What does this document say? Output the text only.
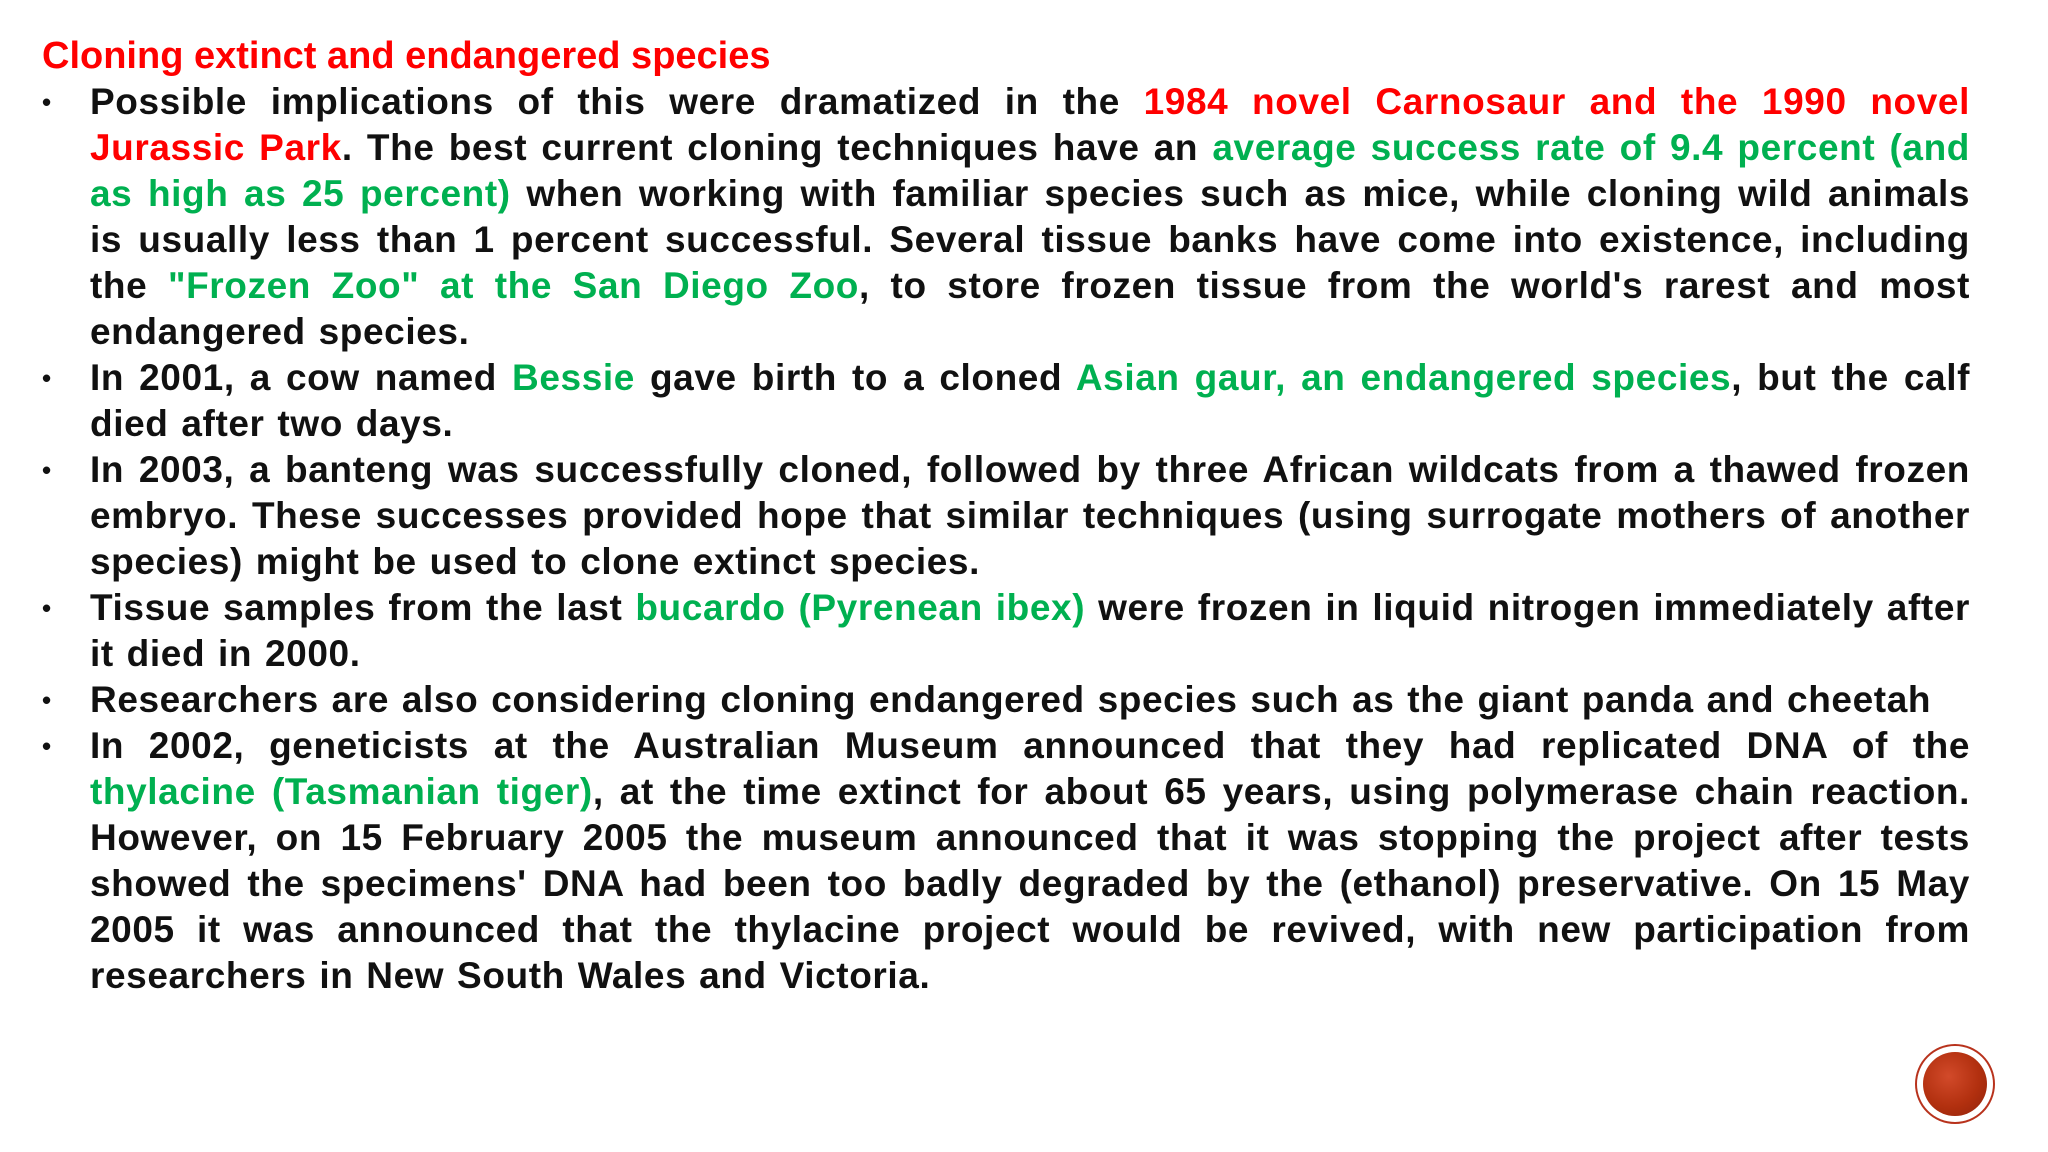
Cloning extinct and endangered species
•	Possible implications of this were dramatized in the 1984 novel Carnosaur and the 1990 novel Jurassic Park. The best current cloning techniques have an average success rate of 9.4 percent (and as high as 25 percent) when working with familiar species such as mice, while cloning wild animals is usually less than 1 percent successful. Several tissue banks have come into existence, including the "Frozen Zoo" at the San Diego Zoo, to store frozen tissue from the world's rarest and most endangered species.
•	In 2001, a cow named Bessie gave birth to a cloned Asian gaur, an endangered species, but the calf died after two days.
•	In 2003, a banteng was successfully cloned, followed by three African wildcats from a thawed frozen embryo. These successes provided hope that similar techniques (using surrogate mothers of another species) might be used to clone extinct species.
•	Tissue samples from the last bucardo (Pyrenean ibex) were frozen in liquid nitrogen immediately after it died in 2000.
•	Researchers are also considering cloning endangered species such as the giant panda and cheetah
•	In 2002, geneticists at the Australian Museum announced that they had replicated DNA of the thylacine (Tasmanian tiger), at the time extinct for about 65 years, using polymerase chain reaction. However, on 15 February 2005 the museum announced that it was stopping the project after tests showed the specimens' DNA had been too badly degraded by the (ethanol) preservative. On 15 May 2005 it was announced that the thylacine project would be revived, with new participation from researchers in New South Wales and Victoria.
